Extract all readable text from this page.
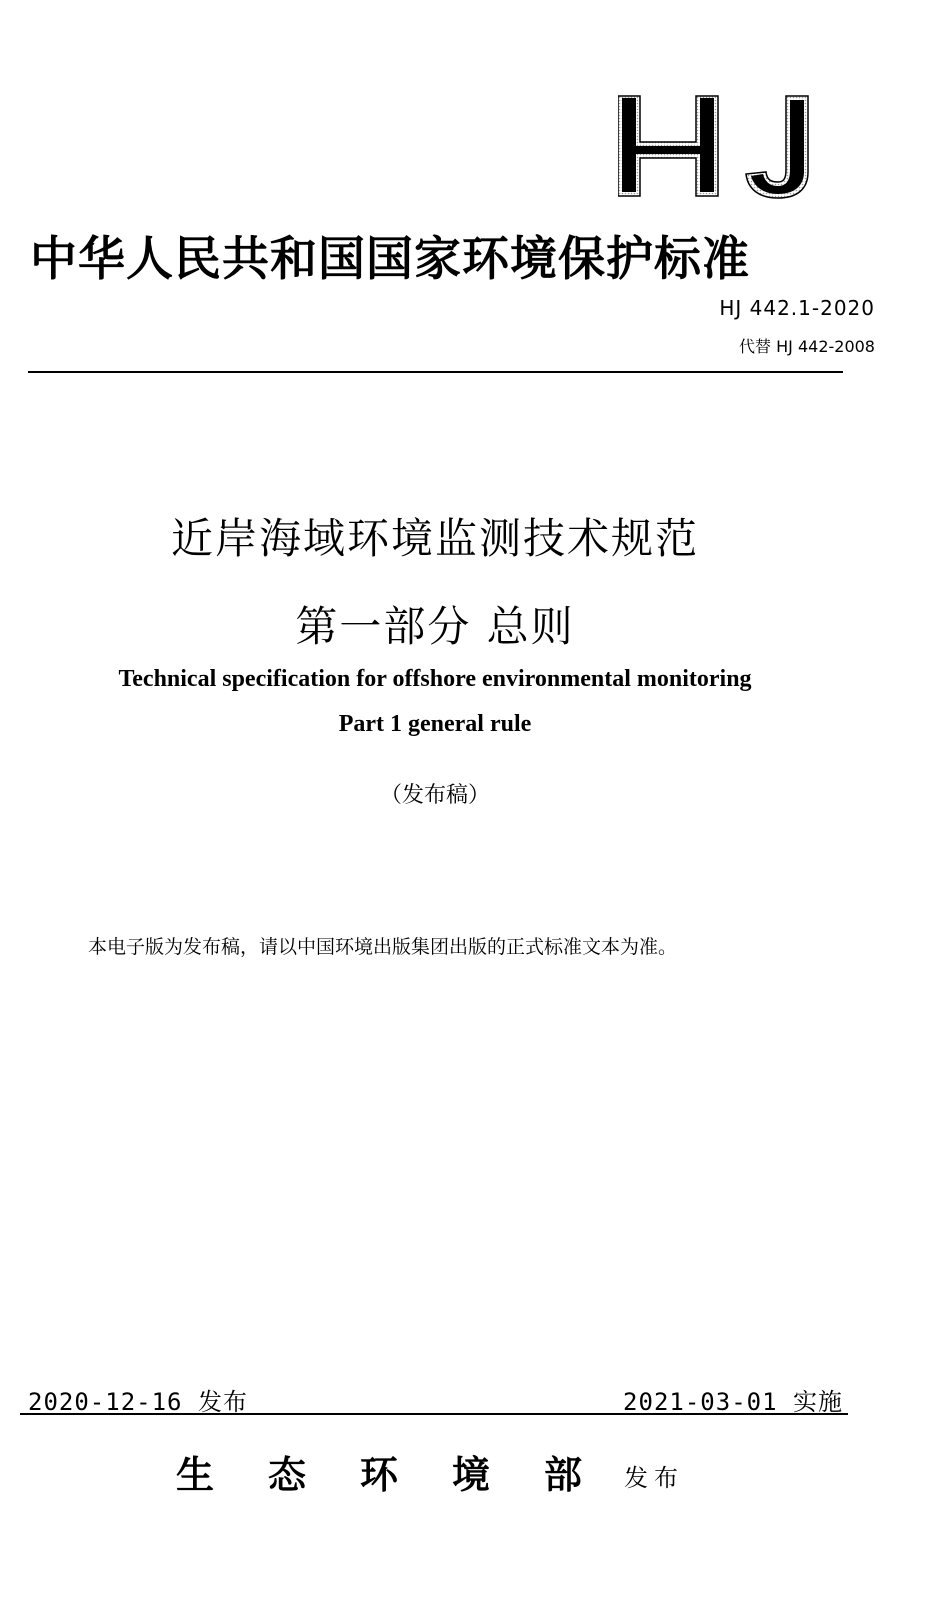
中华人民共和国国家环境保护标准
HJ 442.1-2020
代替 HJ 442-2008
近岸海域环境监测技术规范
第一部分 总则
Technical specification for offshore environmental monitoring
Part 1 general rule
（发布稿）
本电子版为发布稿，请以中国环境出版集团出版的正式标准文本为准。
2020-12-16 发布	2021-03-01 实施
生态环境部
发布
